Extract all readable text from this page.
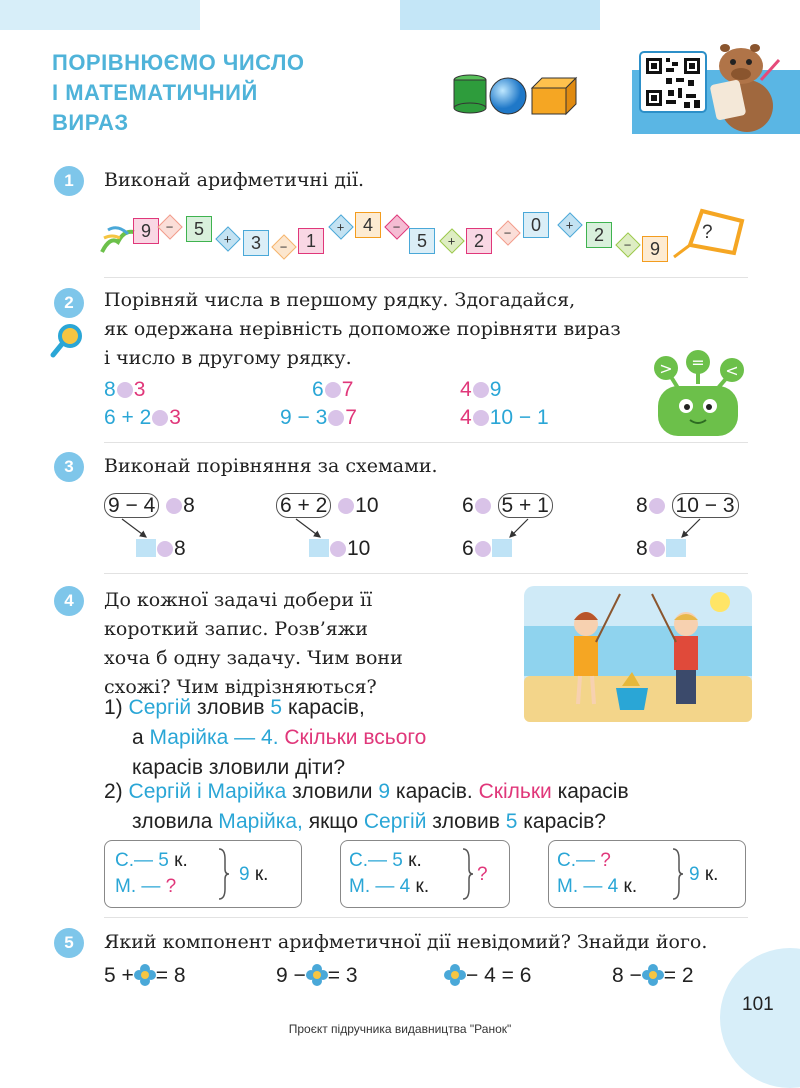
ПОРІВНЮЄМО ЧИСЛО
І МАТЕМАТИЧНИЙ
ВИРАЗ
1	Виконай арифметичні дії.
9	−	5
+	3	−	1
+	4	−
5	+	2	−	0	+	2
−	9
?
2	Порівняй числа в першому рядку. Здогадайся,
як одержана нерівність допоможе порівняти вираз
і число в другому рядку.
8 3	6 7	4 9
6 + 2 3	9 − 3 7	4 10 − 1
> = <
3	Виконай порівняння за схемами.
9 − 4 8	6 + 2 10	6 5 + 1	8 10 − 3
8	10	6	8
4	До кожної задачі добери її
короткий запис. Розв’яжи
хоча б одну задачу. Чим вони
схожі? Чим відрізняються?
1) Сергій зловив 5 карасів,
а Марійка — 4. Скільки всього
карасів зловили діти?
2) Сергій і Марійка зловили 9 карасів. Скільки карасів
зловила Марійка, якщо Сергій зловив 5 карасів?
С.— 5 к.
М. — ?
9 к.
С.— 5 к.
М. — 4 к.
?
С.— ?
М. — 4 к.
9 к.
5	Який компонент арифметичної дії невідомий? Знайди його.
5 + = 8	9 − = 3	− 4 = 6	8 − = 2
101
Проєкт підручника видавництва "Ранок"
